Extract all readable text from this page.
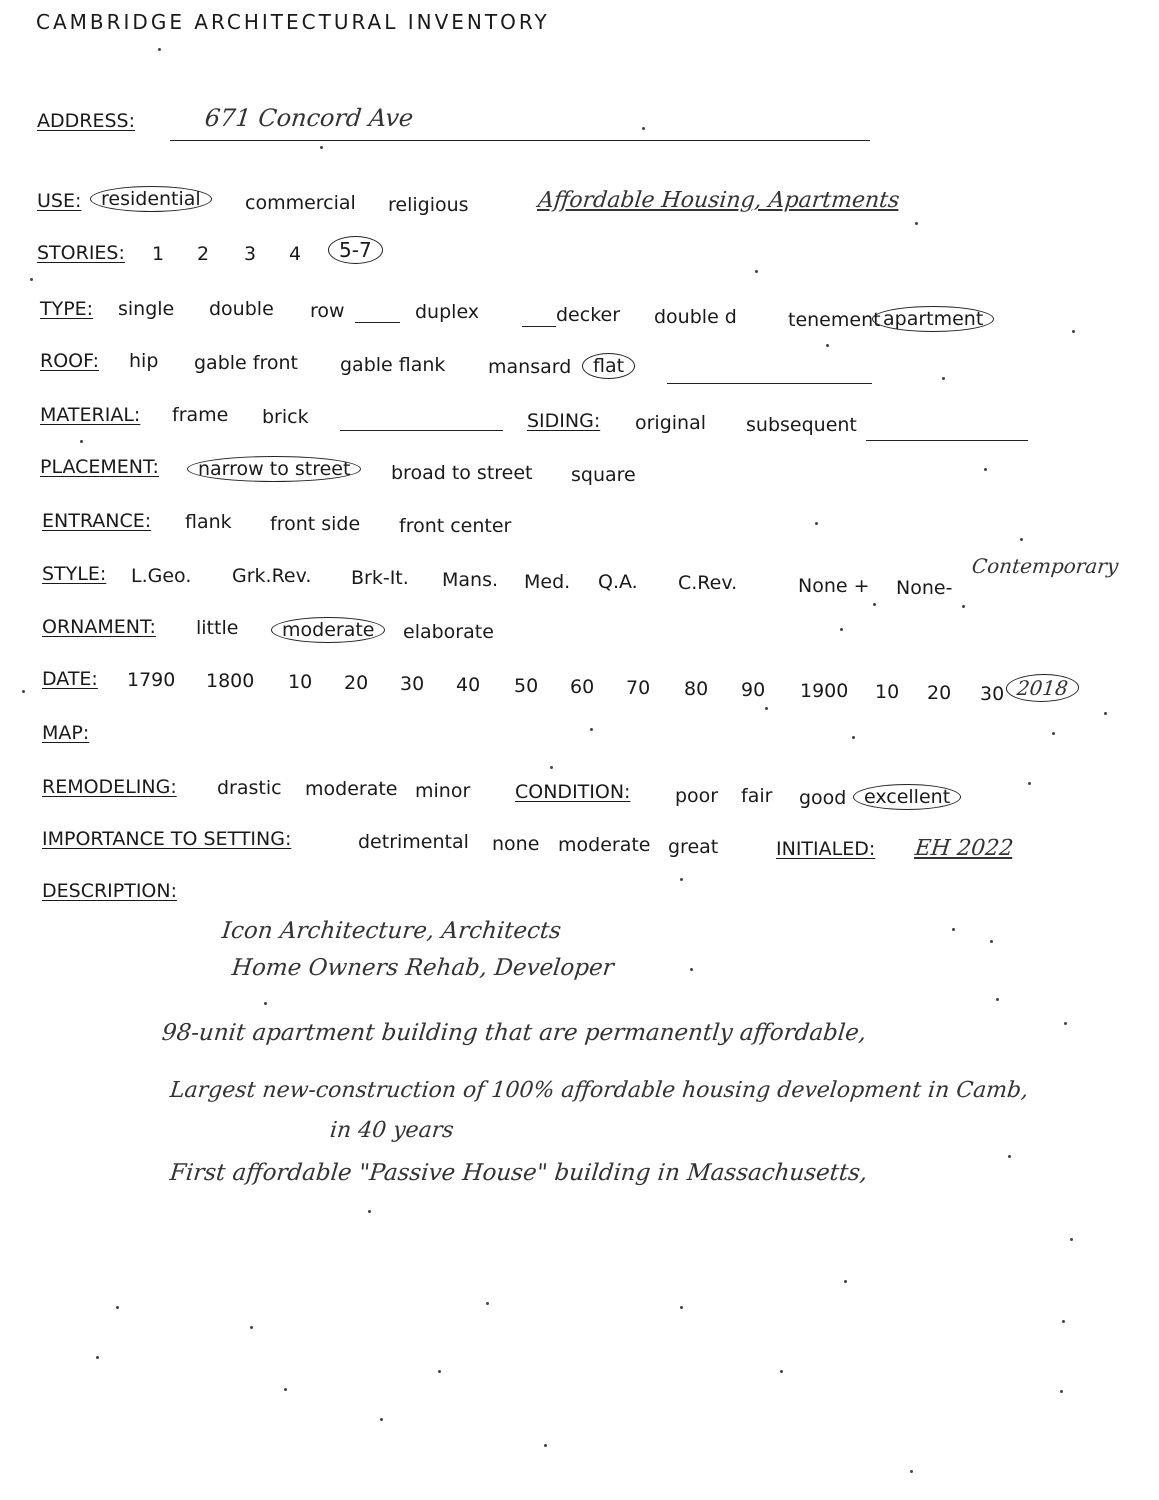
CAMBRIDGE ARCHITECTURAL INVENTORY
ADDRESS:	671 Concord Ave
USE:	residential	commercial religious	Affordable Housing, Apartments
STORIES: 1 2 3 4	5-7
TYPE: single double row	duplex	decker double d	tenement apartment
ROOF: hip gable front gable flank mansard	flat
MATERIAL: frame brick	SIDING: original subsequent
PLACEMENT:	narrow to street	broad to street square
ENTRANCE: flank front side front center
STYLE: L.Geo. Grk.Rev. Brk-It. Mans. Med. Q.A. C.Rev.	None + None-
Contemporary
ORNAMENT: little	moderate	elaborate
DATE: 1790 1800 10 20 30 40 50 60 70 80 90 1900 10 20 30 2018
MAP:
REMODELING: drastic moderate minor CONDITION: poor fair good excellent
IMPORTANCE TO SETTING:	detrimental none moderate great	INITIALED: EH 2022
DESCRIPTION:
Icon Architecture, Architects
Home Owners Rehab, Developer
98-unit apartment building that are permanently affordable,
Largest new-construction of 100% affordable housing development in Camb,
in 40 years
First affordable "Passive House" building in Massachusetts,
